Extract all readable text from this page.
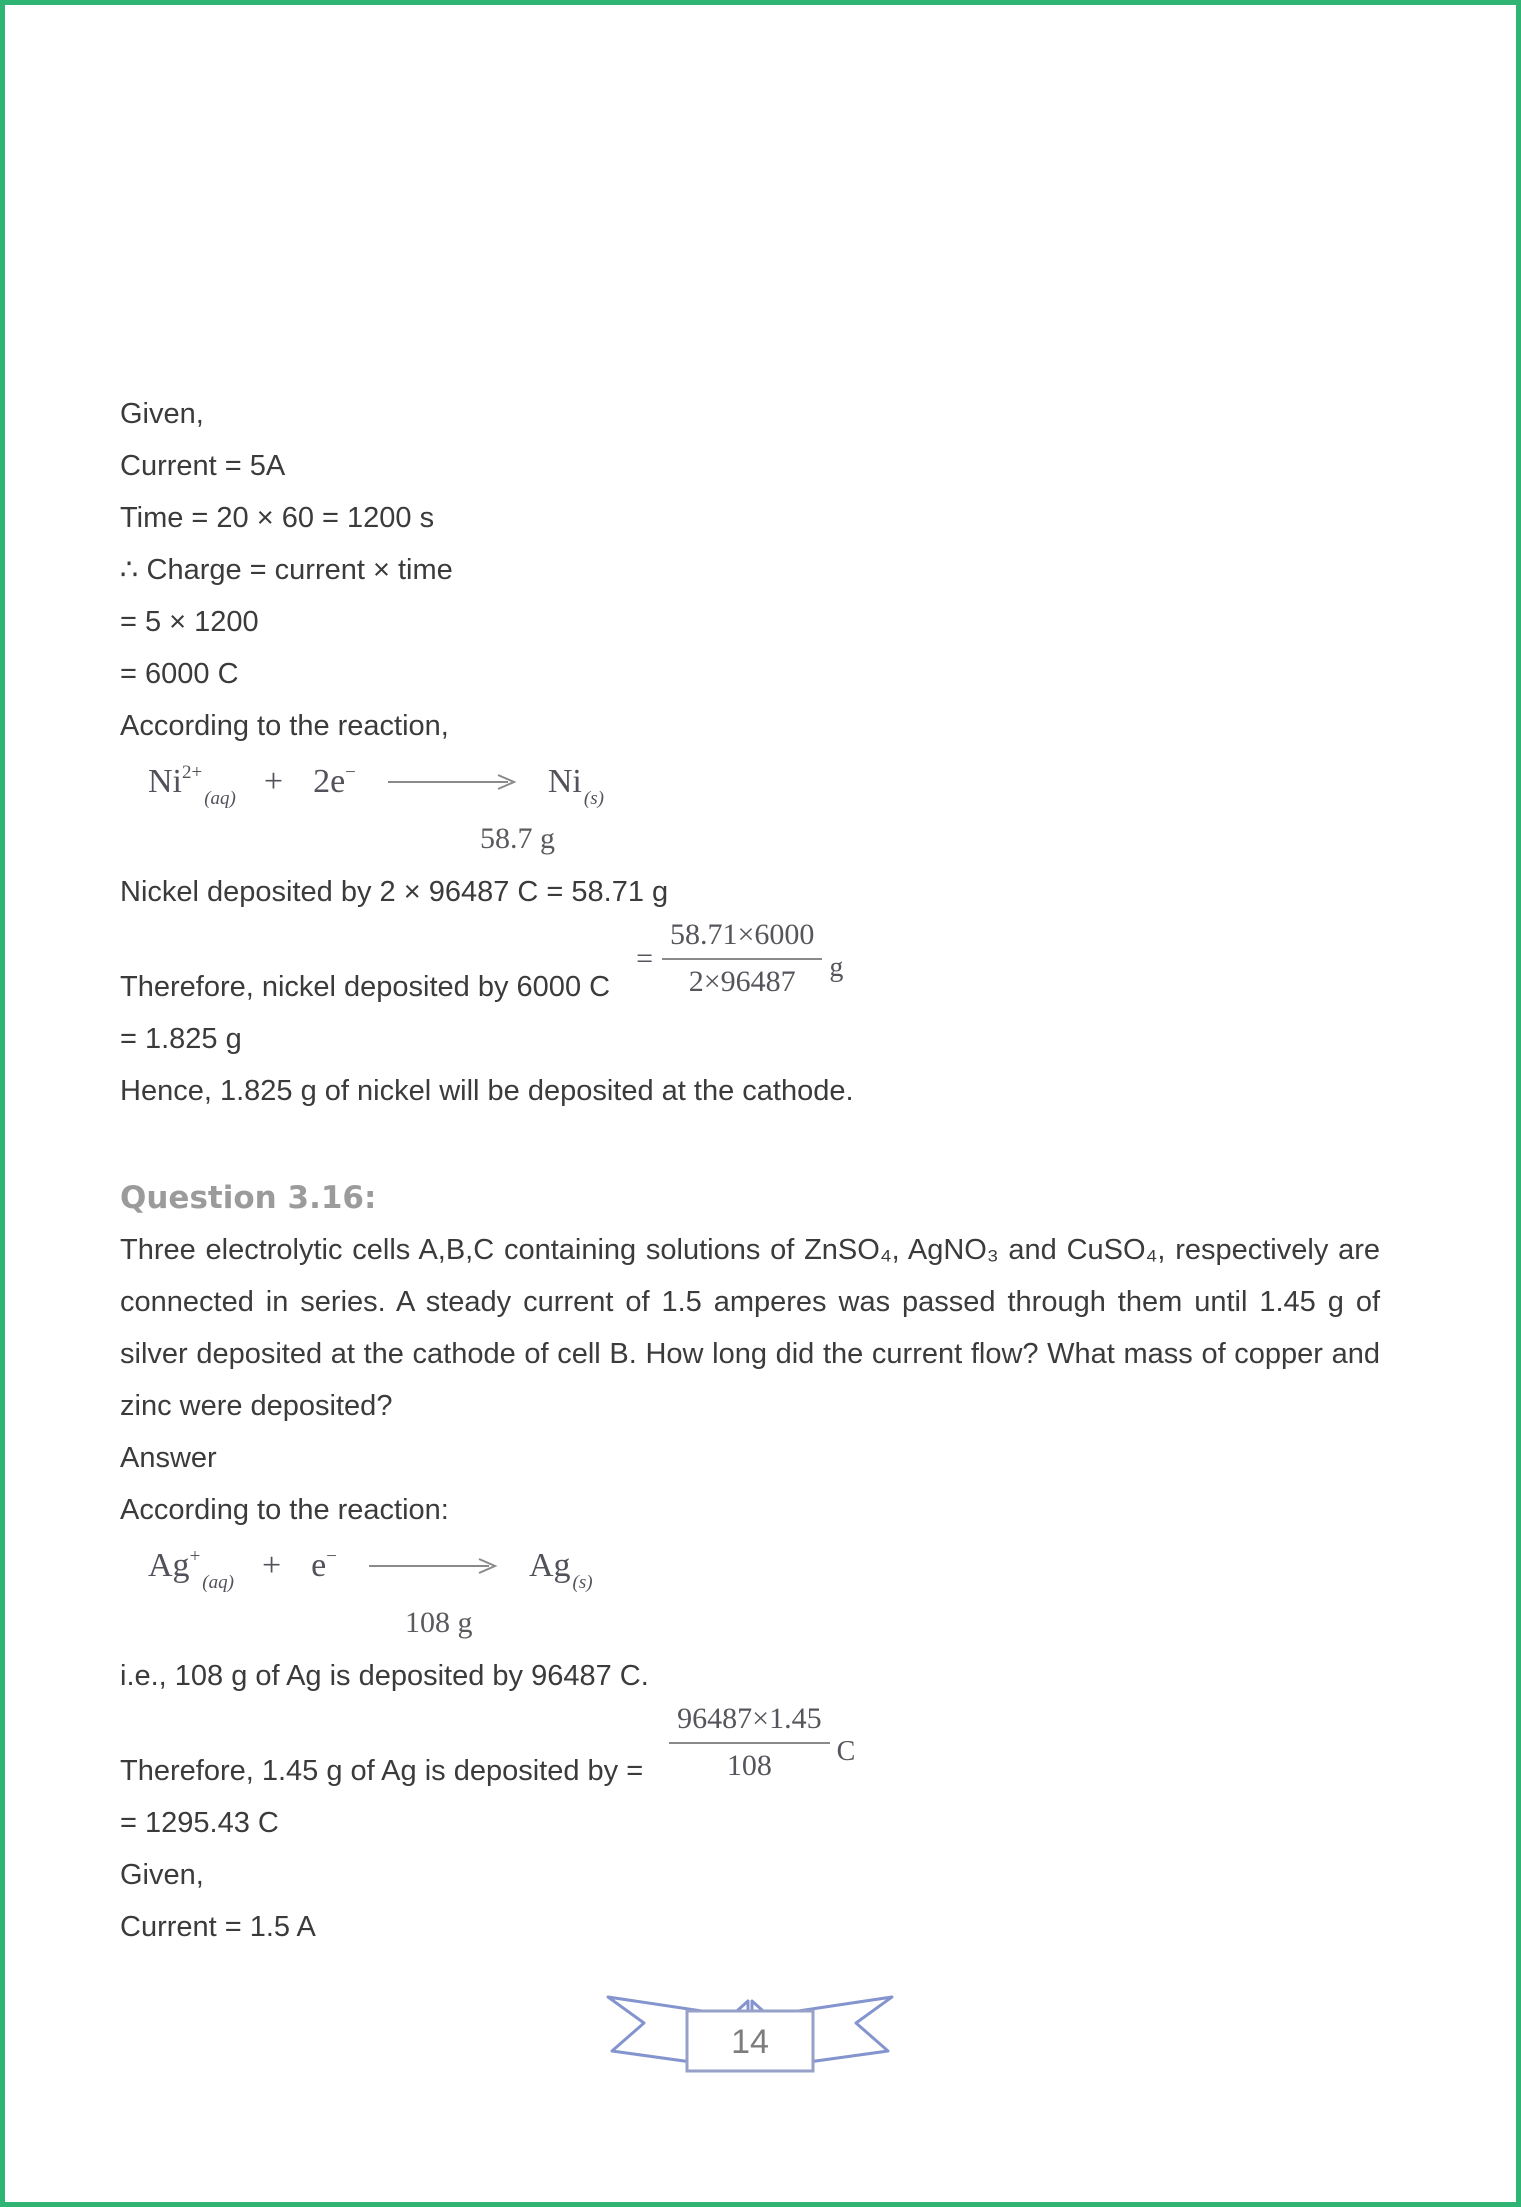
Given,

Current = 5A

Time = 20 × 60 = 1200 s

∴ Charge = current × time

= 5 × 1200

= 6000 C

According to the reaction,

$Ni^{2+}_{(aq)} + 2e^- \to Ni$ $_{(s)}$
58.7 g

Nickel deposited by 2 × 96487 C = 58.71 g

Therefore, nickel deposited by 6000 C
= $\frac{58.71\times 6000}{2\times 96487}$ g

= 1.825 g

Hence, 1.825 g of nickel will be deposited at the cathode.

Question 3.16:

Three electrolytic cells A,B,C containing solutions of ZnSO₄, AgNO₃ and CuSO₄, respectively are connected in series. A steady current of 1.5 amperes was passed through them until 1.45 g of silver deposited at the cathode of cell B. How long did the current flow? What mass of copper and zinc were deposited?

Answer

According to the reaction:

$Ag^+_{(aq)} + e^- \to Ag$ $_{(s)}$
108 g

i.e., 108 g of Ag is deposited by 96487 C.

Therefore, 1.45 g of Ag is deposited by = $\frac{96487\times 1.45}{108}$ C

= 1295.43 C

Given,

Current = 1.5 A

14
